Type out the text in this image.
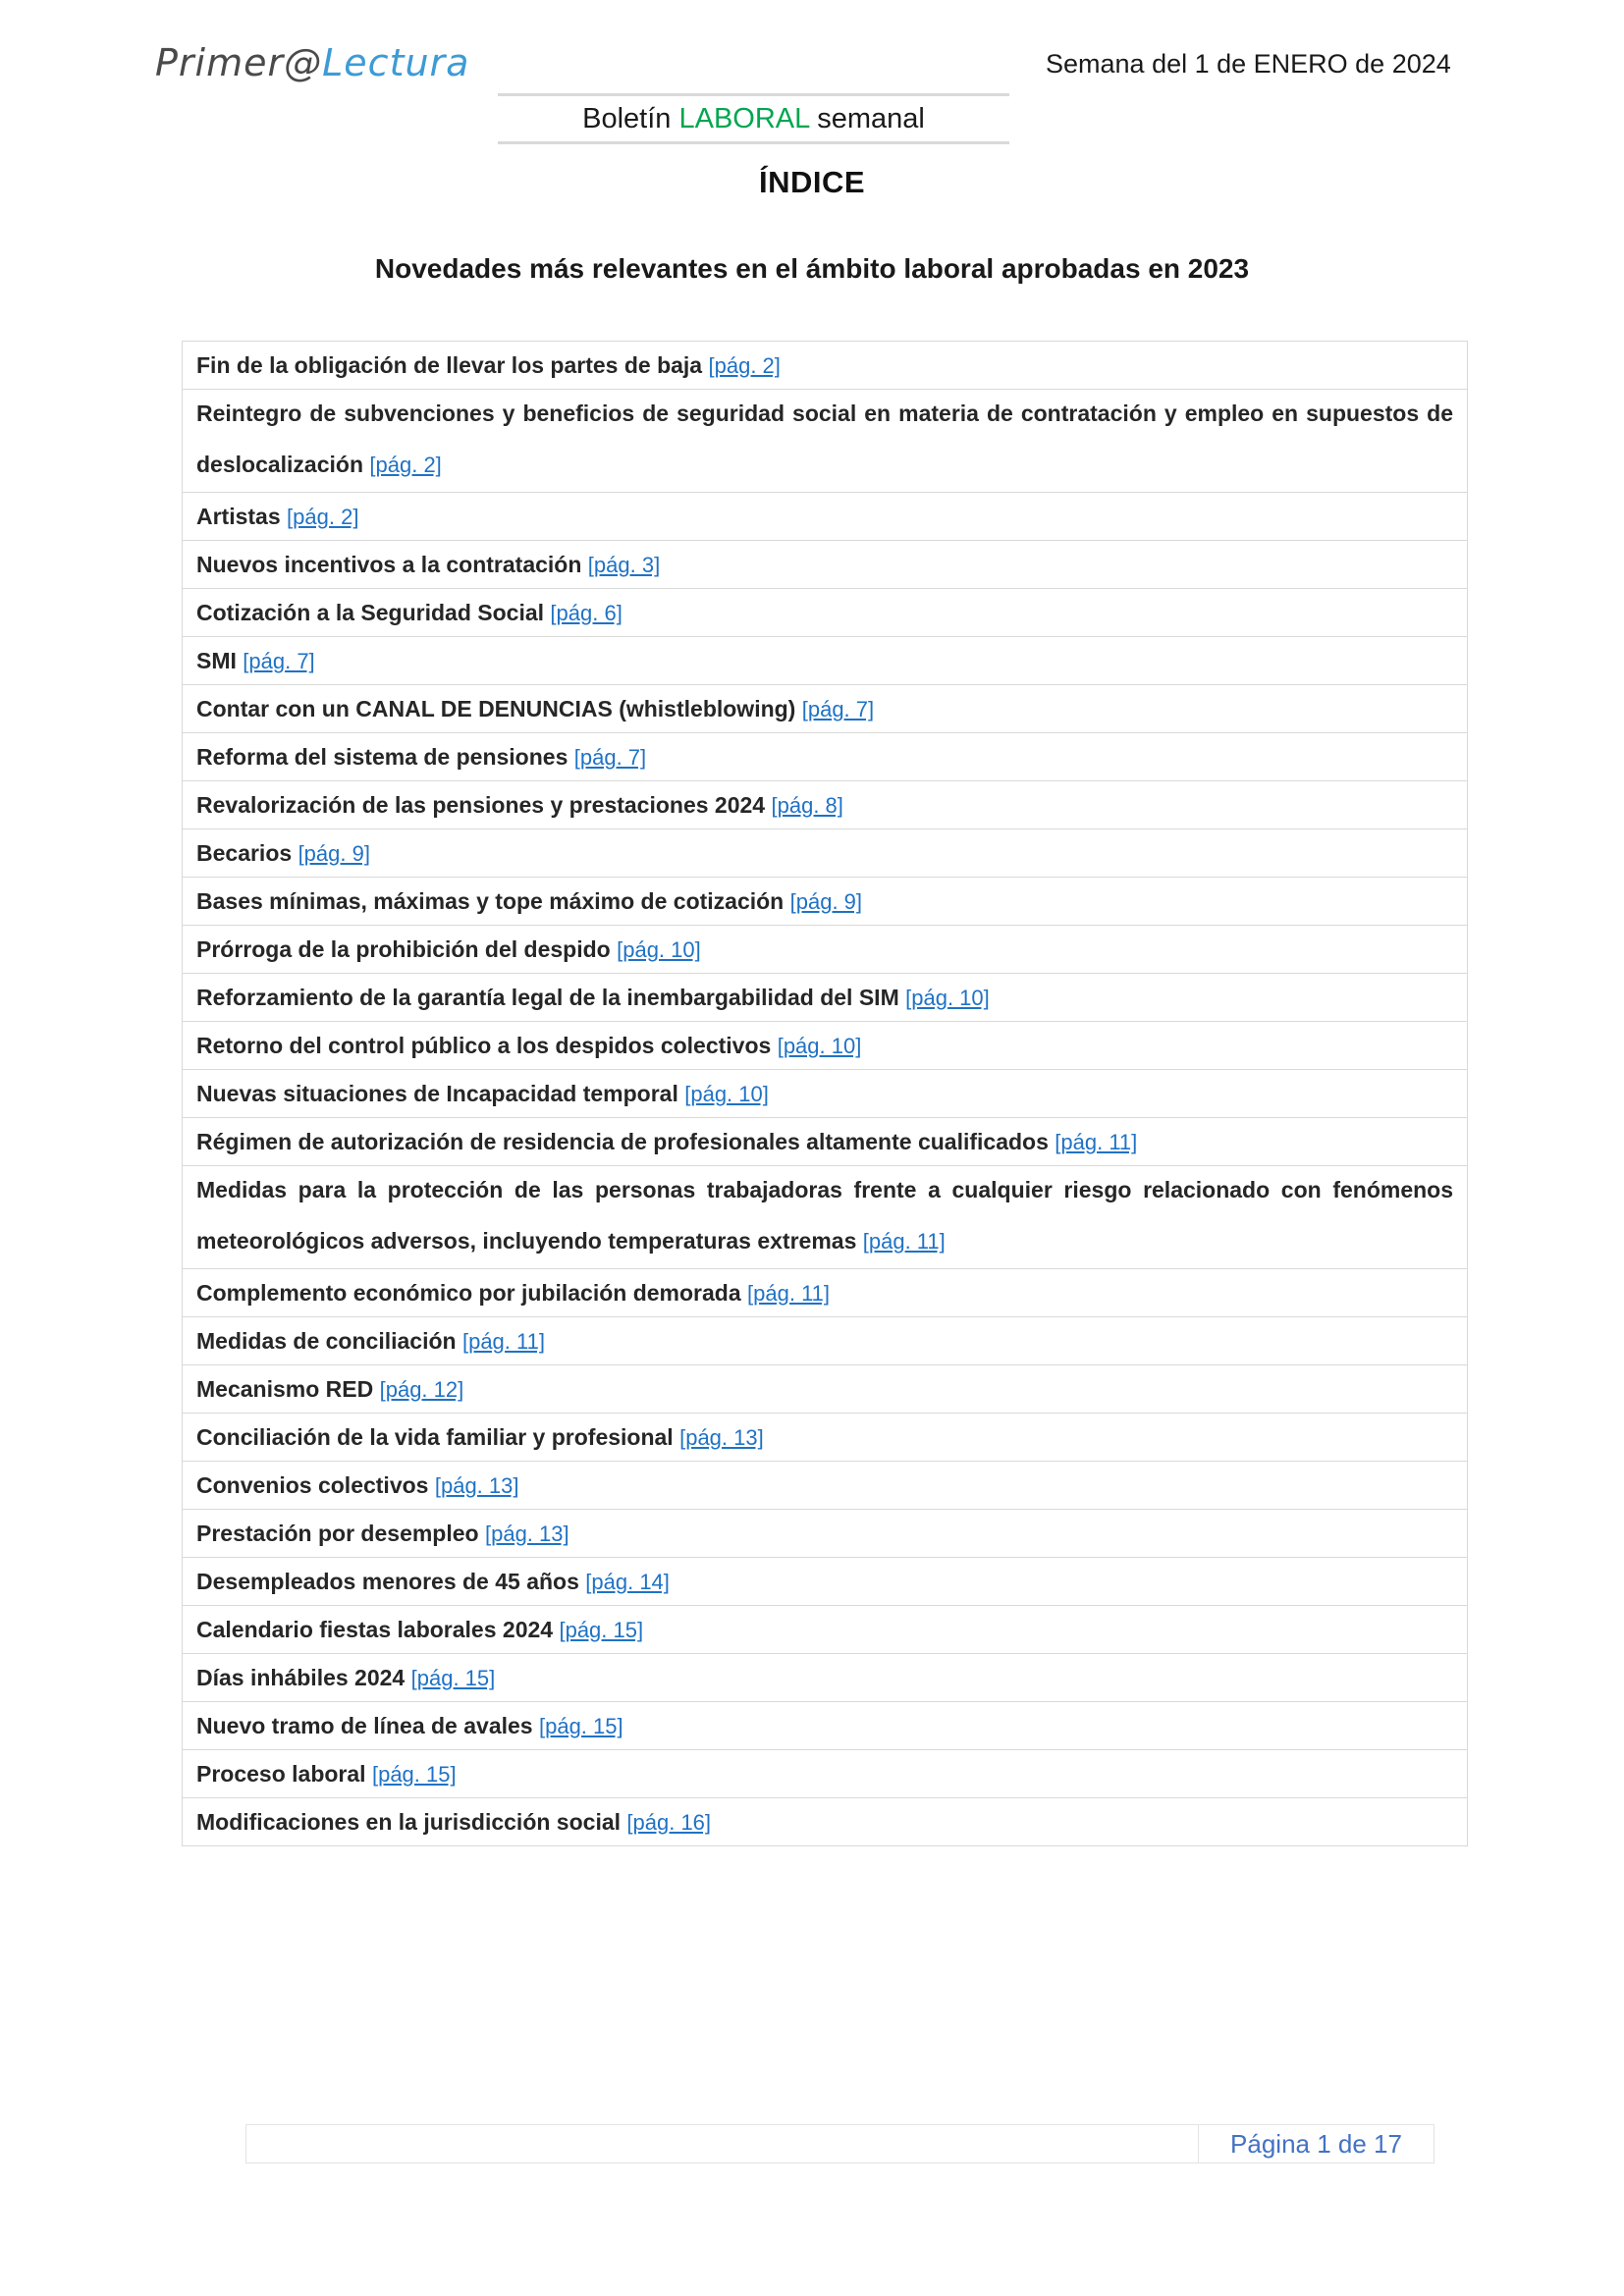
Primer@Lectura	Semana del 1 de ENERO de 2024
Boletín LABORAL semanal
ÍNDICE
Novedades más relevantes en el ámbito laboral aprobadas en 2023
Fin de la obligación de llevar los partes de baja [pág. 2]
Reintegro de subvenciones y beneficios de seguridad social en materia de contratación y empleo en supuestos de deslocalización [pág. 2]
Artistas [pág. 2]
Nuevos incentivos a la contratación [pág. 3]
Cotización a la Seguridad Social [pág. 6]
SMI [pág. 7]
Contar con un CANAL DE DENUNCIAS (whistleblowing) [pág. 7]
Reforma del sistema de pensiones [pág. 7]
Revalorización de las pensiones y prestaciones 2024 [pág. 8]
Becarios [pág. 9]
Bases mínimas, máximas y tope máximo de cotización [pág. 9]
Prórroga de la prohibición del despido [pág. 10]
Reforzamiento de la garantía legal de la inembargabilidad del SIM [pág. 10]
Retorno del control público a los despidos colectivos [pág. 10]
Nuevas situaciones de Incapacidad temporal [pág. 10]
Régimen de autorización de residencia de profesionales altamente cualificados [pág. 11]
Medidas para la protección de las personas trabajadoras frente a cualquier riesgo relacionado con fenómenos meteorológicos adversos, incluyendo temperaturas extremas [pág. 11]
Complemento económico por jubilación demorada [pág. 11]
Medidas de conciliación [pág. 11]
Mecanismo RED [pág. 12]
Conciliación de la vida familiar y profesional [pág. 13]
Convenios colectivos [pág. 13]
Prestación por desempleo [pág. 13]
Desempleados menores de 45 años [pág. 14]
Calendario fiestas laborales 2024 [pág. 15]
Días inhábiles 2024 [pág. 15]
Nuevo tramo de línea de avales [pág. 15]
Proceso laboral [pág. 15]
Modificaciones en la jurisdicción social [pág. 16]
Página 1 de 17
